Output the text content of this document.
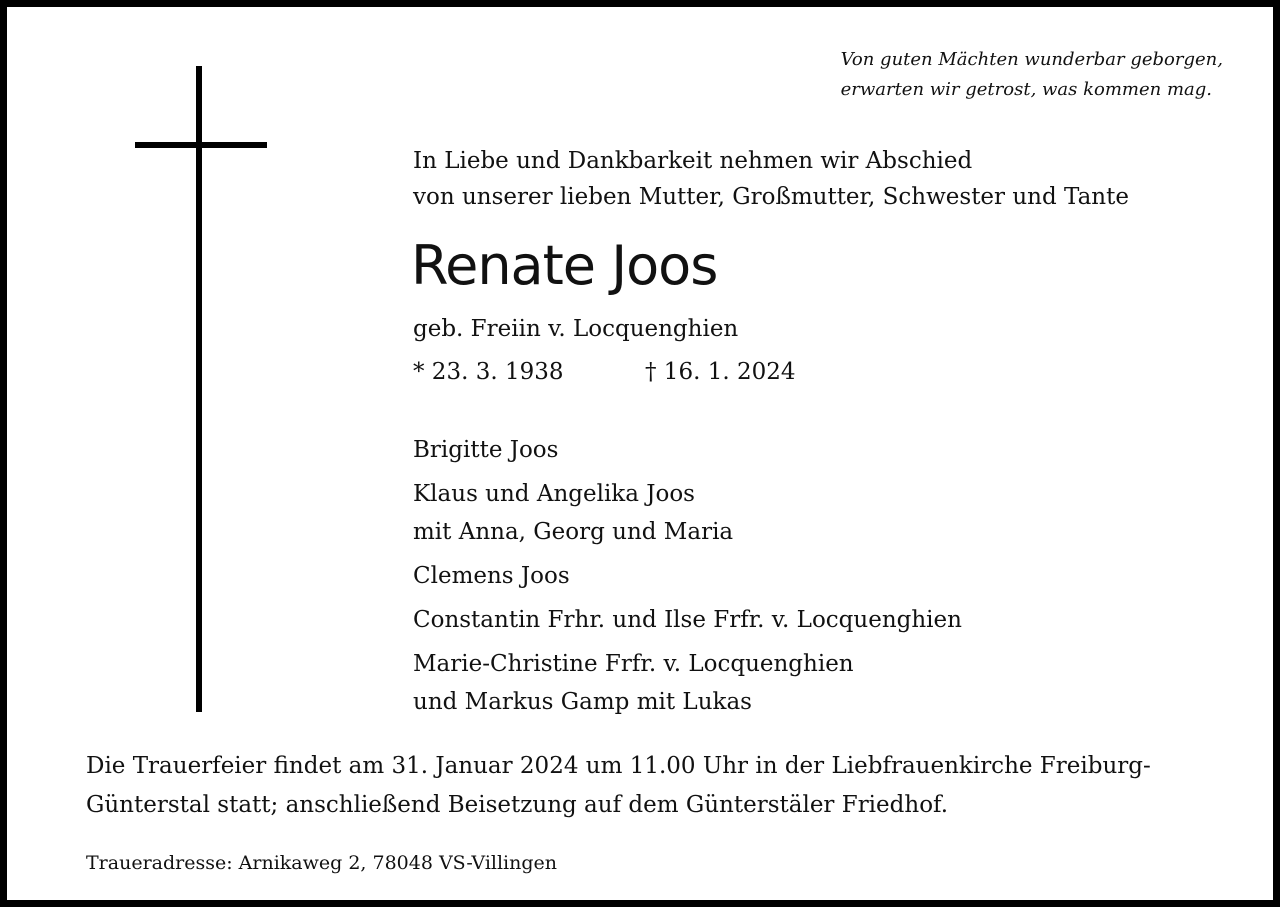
Von guten Mächten wunderbar geborgen,
erwarten wir getrost, was kommen mag.
In Liebe und Dankbarkeit nehmen wir Abschied
von unserer lieben Mutter, Großmutter, Schwester und Tante
Renate Joos
geb. Freiin v. Locquenghien
* 23. 3. 1938	† 16. 1. 2024
Brigitte Joos
Klaus und Angelika Joos
mit Anna, Georg und Maria
Clemens Joos
Constantin Frhr. und Ilse Frfr. v. Locquenghien
Marie-Christine Frfr. v. Locquenghien
und Markus Gamp mit Lukas
Die Trauerfeier findet am 31. Januar 2024 um 11.00 Uhr in der Liebfrauenkirche Freiburg-
Günterstal statt; anschließend Beisetzung auf dem Günterstäler Friedhof.
Traueradresse: Arnikaweg 2, 78048 VS-Villingen
